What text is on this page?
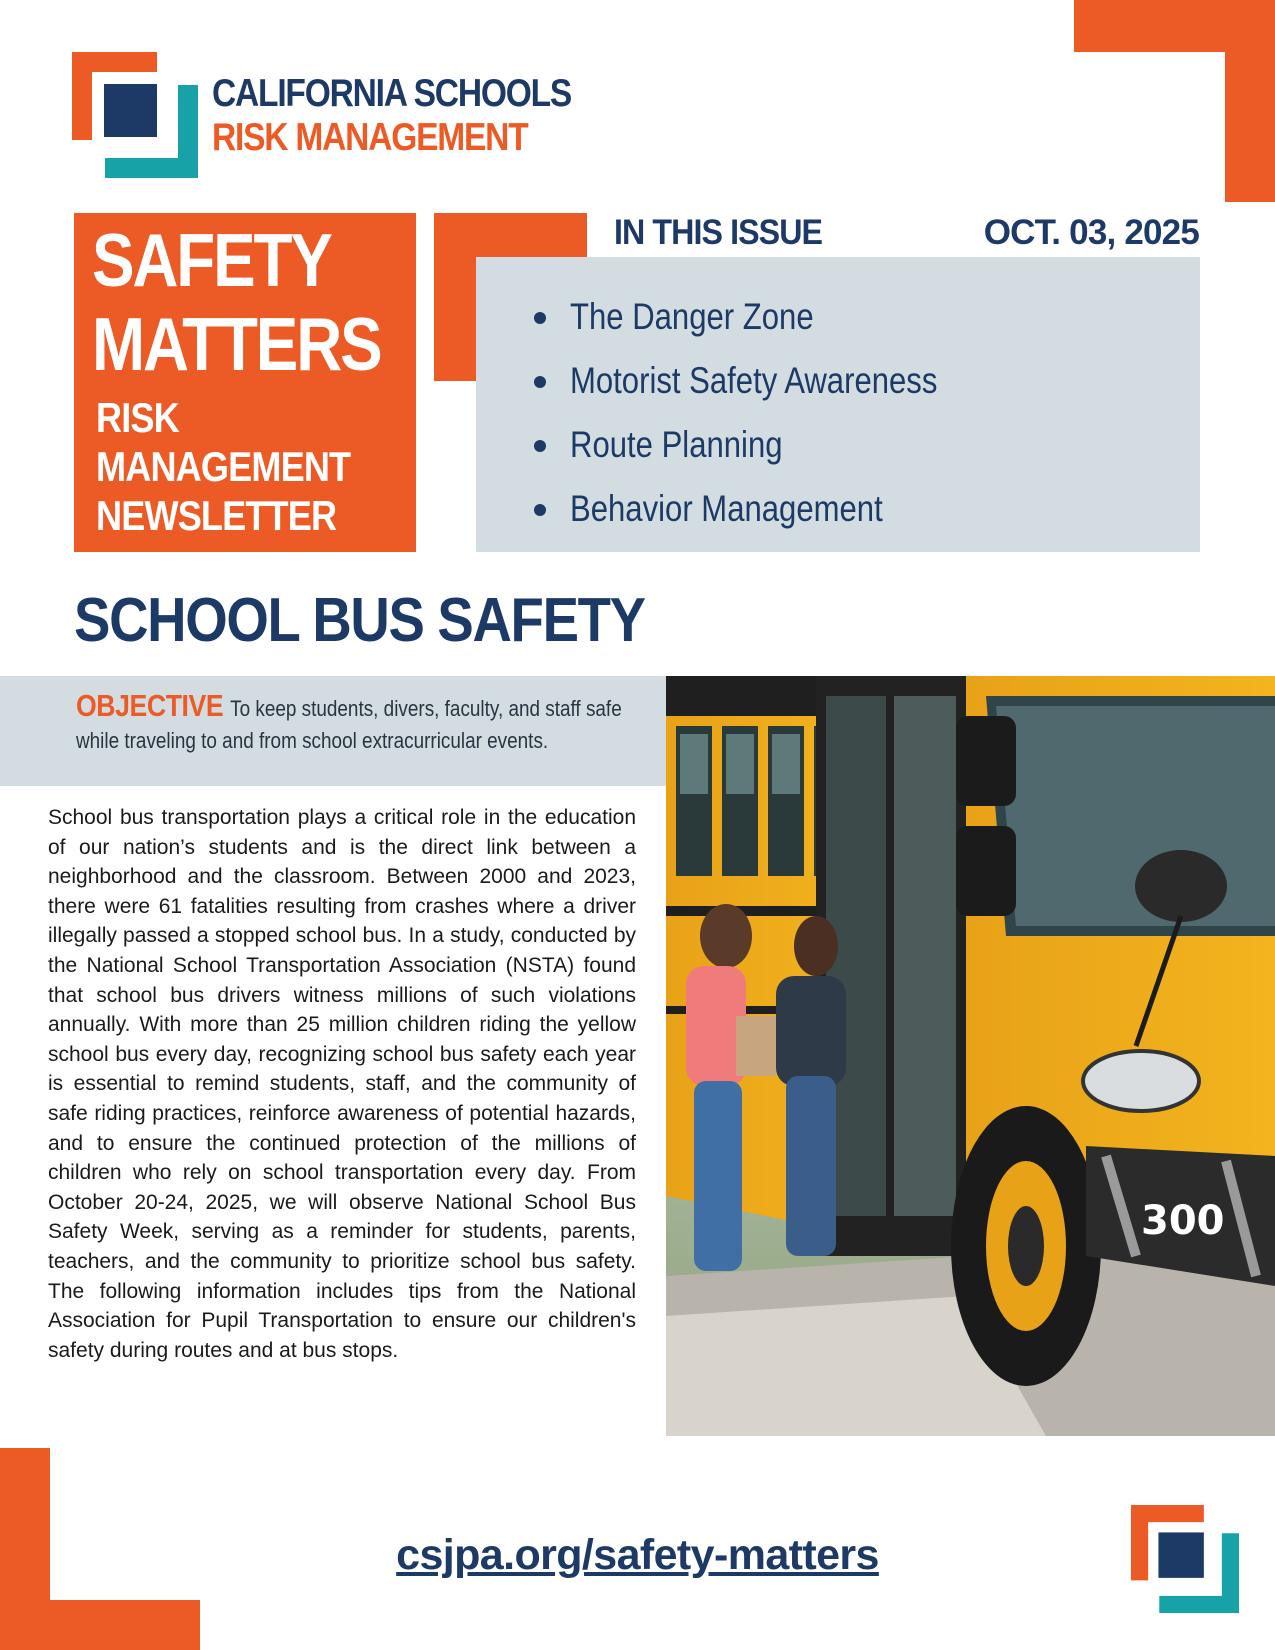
CALIFORNIA SCHOOLS
RISK MANAGEMENT
SAFETY
MATTERS
RISK
MANAGEMENT
NEWSLETTER
IN THIS ISSUE	OCT. 03, 2025
The Danger Zone
Motorist Safety Awareness
Route Planning
Behavior Management
SCHOOL BUS SAFETY
OBJECTIVE To keep students, divers, faculty, and staff safe while traveling to and from school extracurricular events.

School bus transportation plays a critical role in the education of our nation’s students and is the direct link between a neighborhood and the classroom. Between 2000 and 2023, there were 61 fatalities resulting from crashes where a driver illegally passed a stopped school bus. In a study, conducted by the National School Transportation Association (NSTA) found that school bus drivers witness millions of such violations annually. With more than 25 million children riding the yellow school bus every day, recognizing school bus safety each year is essential to remind students, staff, and the community of safe riding practices, reinforce awareness of potential hazards, and to ensure the continued protection of the millions of children who rely on school transportation every day. From October 20-24, 2025, we will observe National School Bus Safety Week, serving as a reminder for students, parents, teachers, and the community to prioritize school bus safety. The following information includes tips from the National Association for Pupil Transportation to ensure our children's safety during routes and at bus stops.

300
csjpa.org/safety-matters
